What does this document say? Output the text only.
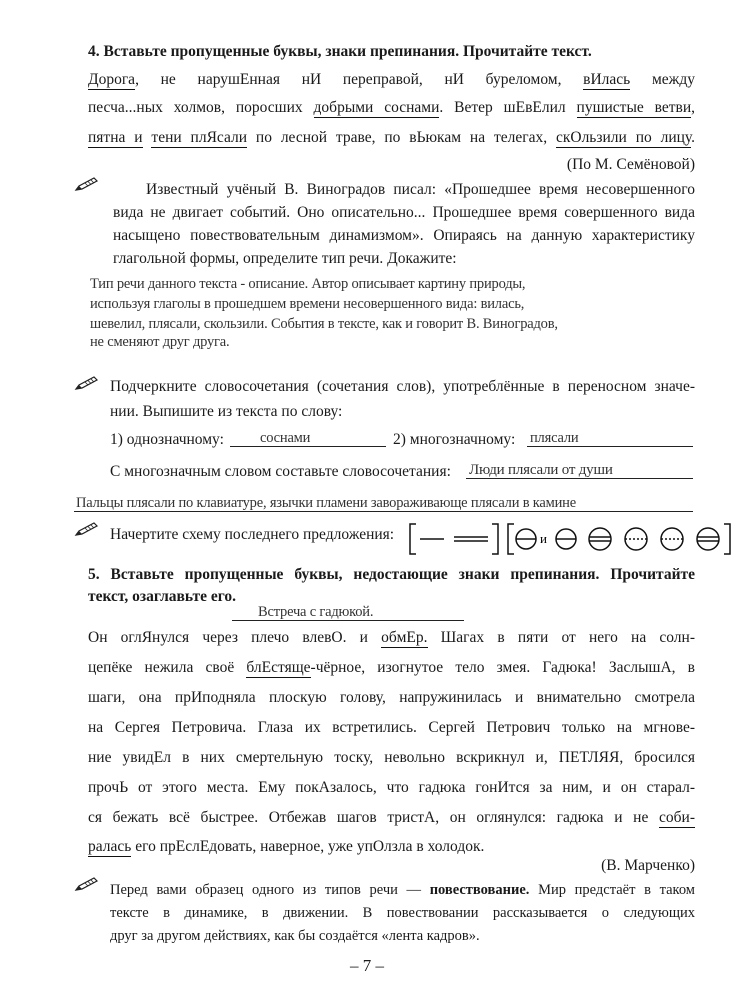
4. Вставьте пропущенные буквы, знаки препинания. Прочитайте текст.
Дорога, не нарушЕнная нИ переправой, нИ буреломом, вИлась между
песча...ных холмов, поросших добрыми соснами. Ветер шЕвЕлил пушистые ветви,
пятна и тени плЯсали по лесной траве, по вЬюкам на телегах, скОльзили по лицу.
(По М. Семёновой)
Известный учёный В. Виноградов писал: «Прошедшее время несовершенного
вида не двигает событий. Оно описательно... Прошедшее время совершенного вида
насыщено повествовательным динамизмом». Опираясь на данную характеристику
глагольной формы, определите тип речи. Докажите:
Тип речи данного текста - описание. Автор описывает картину природы,
используя глаголы в прошедшем времени несовершенного вида: вилась,
шевелил, плясали, скользили. События в тексте, как и говорит В. Виноградов,
не сменяют друг друга.
Подчеркните словосочетания (сочетания слов), употреблённые в переносном значе-
нии. Выпишите из текста по слову:
1) однозначному:	соснами	2) многозначному:	плясали
С многозначным словом составьте словосочетания:	Люди плясали от души
Пальцы плясали по клавиатуре, язычки пламени завораживающе плясали в камине
Начертите схему последнего предложения:	и
5. Вставьте пропущенные буквы, недостающие знаки препинания. Прочитайте
текст, озаглавьте его.
Встреча с гадюкой.
Он оглЯнулся через плечо влевО. и обмЕр. Шагах в пяти от него на солн-
цепёке нежила своё блЕстяще-чёрное, изогнутое тело змея. Гадюка! ЗаслышА, в
шаги, она прИподняла плоскую голову, напружинилась и внимательно смотрела
на Сергея Петровича. Глаза их встретились. Сергей Петрович только на мгнове-
ние увидЕл в них смертельную тоску, невольно вскрикнул и, ПЕТЛЯЯ, бросился
прочЬ от этого места. Ему покАзалось, что гадюка гонИтся за ним, и он старал-
ся бежать всё быстрее. Отбежав шагов тристА, он оглянулся: гадюка и не соби-
ралась его прЕслЕдовать, наверное, уже упОлзла в холодок.
(В. Марченко)
Перед вами образец одного из типов речи — повествование. Мир предстаёт в таком
тексте в динамике, в движении. В повествовании рассказывается о следующих
друг за другом действиях, как бы создаётся «лента кадров».
– 7 –
